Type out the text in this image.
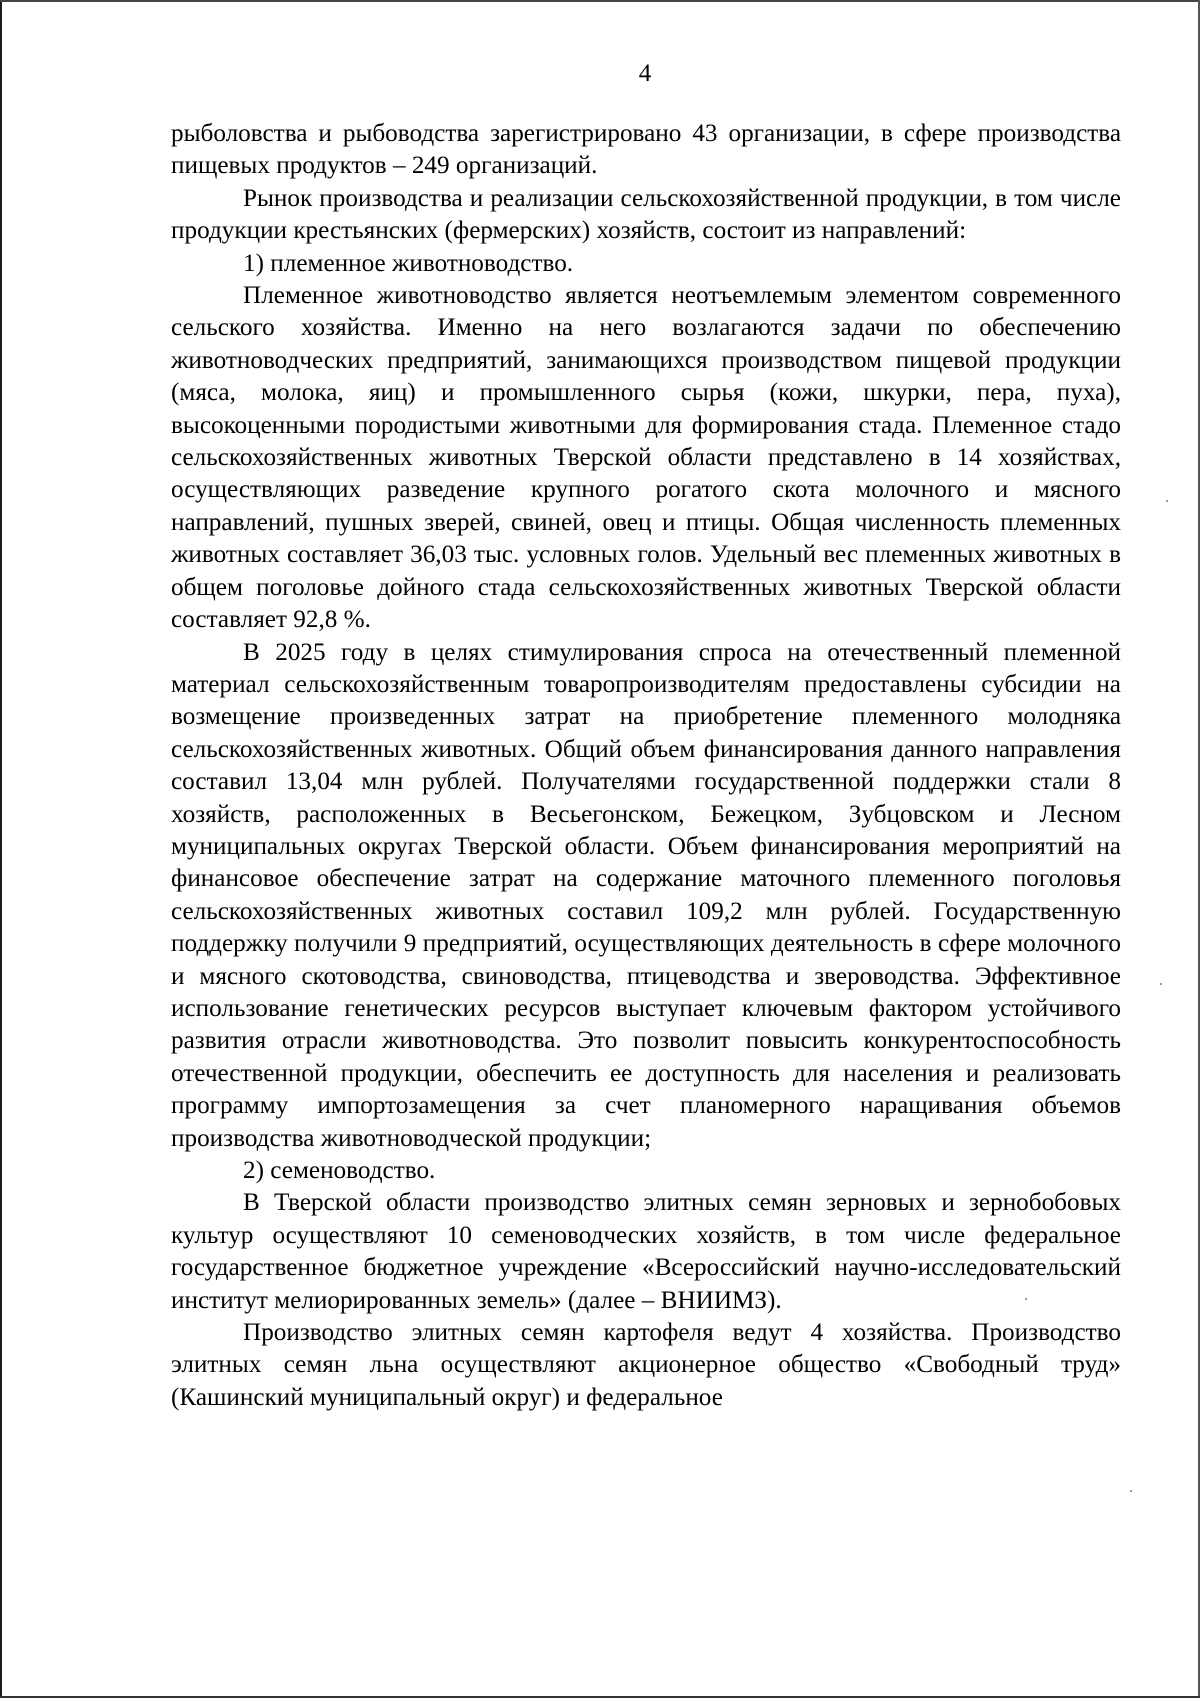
4

рыболовства и рыбоводства зарегистрировано 43 организации, в сфере производства пищевых продуктов – 249 организаций.

Рынок производства и реализации сельскохозяйственной продукции, в том числе продукции крестьянских (фермерских) хозяйств, состоит из направлений:

1) племенное животноводство.

Племенное животноводство является неотъемлемым элементом современного сельского хозяйства. Именно на него возлагаются задачи по обеспечению животноводческих предприятий, занимающихся производством пищевой продукции (мяса, молока, яиц) и промышленного сырья (кожи, шкурки, пера, пуха), высокоценными породистыми животными для формирования стада. Племенное стадо сельскохозяйственных животных Тверской области представлено в 14 хозяйствах, осуществляющих разведение крупного рогатого скота молочного и мясного направлений, пушных зверей, свиней, овец и птицы. Общая численность племенных животных составляет 36,03 тыс. условных голов. Удельный вес племенных животных в общем поголовье дойного стада сельскохозяйственных животных Тверской области составляет 92,8 %.

В 2025 году в целях стимулирования спроса на отечественный племенной материал сельскохозяйственным товаропроизводителям предоставлены субсидии на возмещение произведенных затрат на приобретение племенного молодняка сельскохозяйственных животных. Общий объем финансирования данного направления составил 13,04 млн рублей. Получателями государственной поддержки стали 8 хозяйств, расположенных в Весьегонском, Бежецком, Зубцовском и Лесном муниципальных округах Тверской области. Объем финансирования мероприятий на финансовое обеспечение затрат на содержание маточного племенного поголовья сельскохозяйственных животных составил 109,2 млн рублей. Государственную поддержку получили 9 предприятий, осуществляющих деятельность в сфере молочного и мясного скотоводства, свиноводства, птицеводства и звероводства. Эффективное использование генетических ресурсов выступает ключевым фактором устойчивого развития отрасли животноводства. Это позволит повысить конкурентоспособность отечественной продукции, обеспечить ее доступность для населения и реализовать программу импортозамещения за счет планомерного наращивания объемов производства животноводческой продукции;

2) семеноводство.

В Тверской области производство элитных семян зерновых и зернобобовых культур осуществляют 10 семеноводческих хозяйств, в том числе федеральное государственное бюджетное учреждение «Всероссийский научно-исследовательский институт мелиорированных земель» (далее – ВНИИМЗ).

Производство элитных семян картофеля ведут 4 хозяйства. Производство элитных семян льна осуществляют акционерное общество «Свободный труд» (Кашинский муниципальный округ) и федеральное
